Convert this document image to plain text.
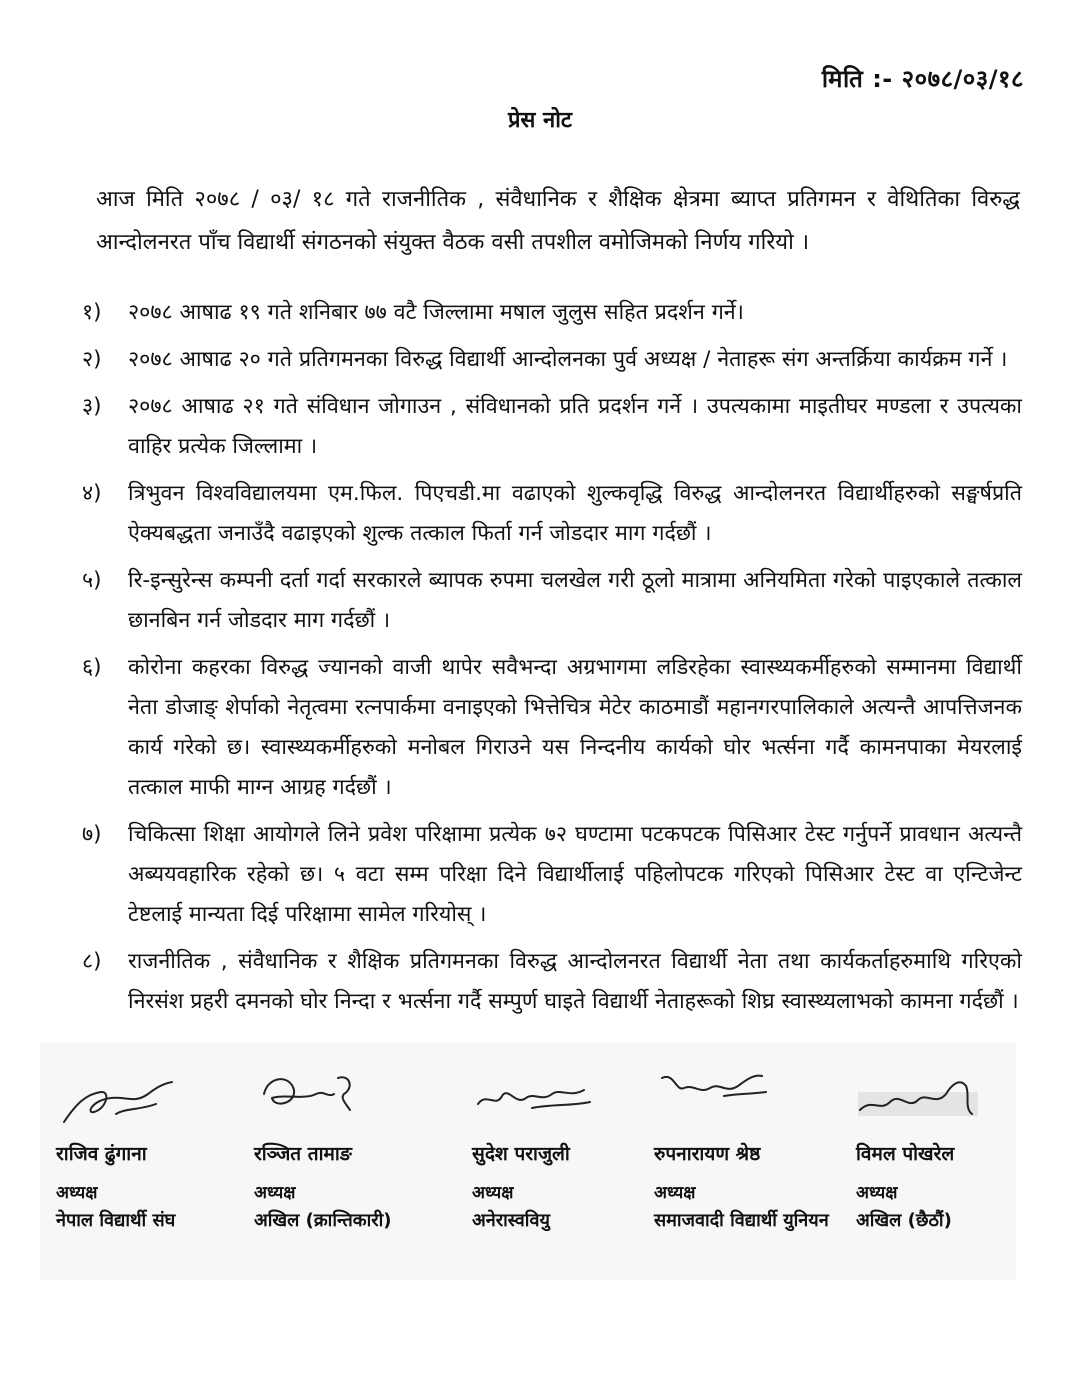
मिति :- २०७८/०३/१८
प्रेस नोट
आज मिति २०७८ / ०३/ १८ गते राजनीतिक , संवैधानिक र शैक्षिक क्षेत्रमा ब्याप्त प्रतिगमन र वेथितिका विरुद्ध आन्दोलनरत पाँच विद्यार्थी संगठनको संयुक्त वैठक वसी तपशील वमोजिमको निर्णय गरियो ।
१)	२०७८ आषाढ १९ गते शनिबार ७७ वटै जिल्लामा मषाल जुलुस सहित प्रदर्शन गर्ने।
२)	२०७८ आषाढ २० गते प्रतिगमनका विरुद्ध विद्यार्थी आन्दोलनका पुर्व अध्यक्ष / नेताहरू संग अन्तर्क्रिया कार्यक्रम गर्ने ।
३)	२०७८ आषाढ २१ गते संविधान जोगाउन , संविधानको प्रति प्रदर्शन गर्ने । उपत्यकामा माइतीघर मण्डला र उपत्यका वाहिर प्रत्येक जिल्लामा ।
४)	त्रिभुवन विश्वविद्यालयमा एम.फिल. पिएचडी.मा वढाएको शुल्कवृद्धि विरुद्ध आन्दोलनरत विद्यार्थीहरुको सङ्घर्षप्रति ऐक्यबद्धता जनाउँदै वढाइएको शुल्क तत्काल फिर्ता गर्न जोडदार माग गर्दछौं ।
५)	रि-इन्सुरेन्स कम्पनी दर्ता गर्दा सरकारले ब्यापक रुपमा चलखेल गरी ठूलो मात्रामा अनियमिता गरेको पाइएकाले तत्काल छानबिन गर्न जोडदार माग गर्दछौं ।
६)	कोरोना कहरका विरुद्ध ज्यानको वाजी थापेर सवैभन्दा अग्रभागमा लडिरहेका स्वास्थ्यकर्मीहरुको सम्मानमा विद्यार्थी नेता डोजाङ् शेर्पाको नेतृत्वमा रत्नपार्कमा वनाइएको भित्तेचित्र मेटेर काठमाडौं महानगरपालिकाले अत्यन्तै आपत्तिजनक कार्य गरेको छ। स्वास्थ्यकर्मीहरुको मनोबल गिराउने यस निन्दनीय कार्यको घोर भर्त्सना गर्दै कामनपाका मेयरलाई तत्काल माफी माग्न आग्रह गर्दछौं ।
७)	चिकित्सा शिक्षा आयोगले लिने प्रवेश परिक्षामा प्रत्येक ७२ घण्टामा पटकपटक पिसिआर टेस्ट गर्नुपर्ने प्रावधान अत्यन्तै अब्ययवहारिक रहेको छ। ५ वटा सम्म परिक्षा दिने विद्यार्थीलाई पहिलोपटक गरिएको पिसिआर टेस्ट वा एन्टिजेन्ट टेष्टलाई मान्यता दिई परिक्षामा सामेल गरियोस् ।
८)	राजनीतिक , संवैधानिक र शैक्षिक प्रतिगमनका विरुद्ध आन्दोलनरत विद्यार्थी नेता तथा कार्यकर्ताहरुमाथि गरिएको निरसंश प्रहरी दमनको घोर निन्दा र भर्त्सना गर्दै सम्पुर्ण घाइते विद्यार्थी नेताहरूको शिघ्र स्वास्थ्यलाभको कामना गर्दछौं ।
राजिव ढुंगाना
अध्यक्ष
नेपाल विद्यार्थी संघ
रञ्जित तामाङ
अध्यक्ष
अखिल (क्रान्तिकारी)
सुदेश पराजुली
अध्यक्ष
अनेरास्ववियु
रुपनारायण श्रेष्ठ
अध्यक्ष
समाजवादी विद्यार्थी युनियन
विमल पोखरेल
अध्यक्ष
अखिल (छैठौं)
